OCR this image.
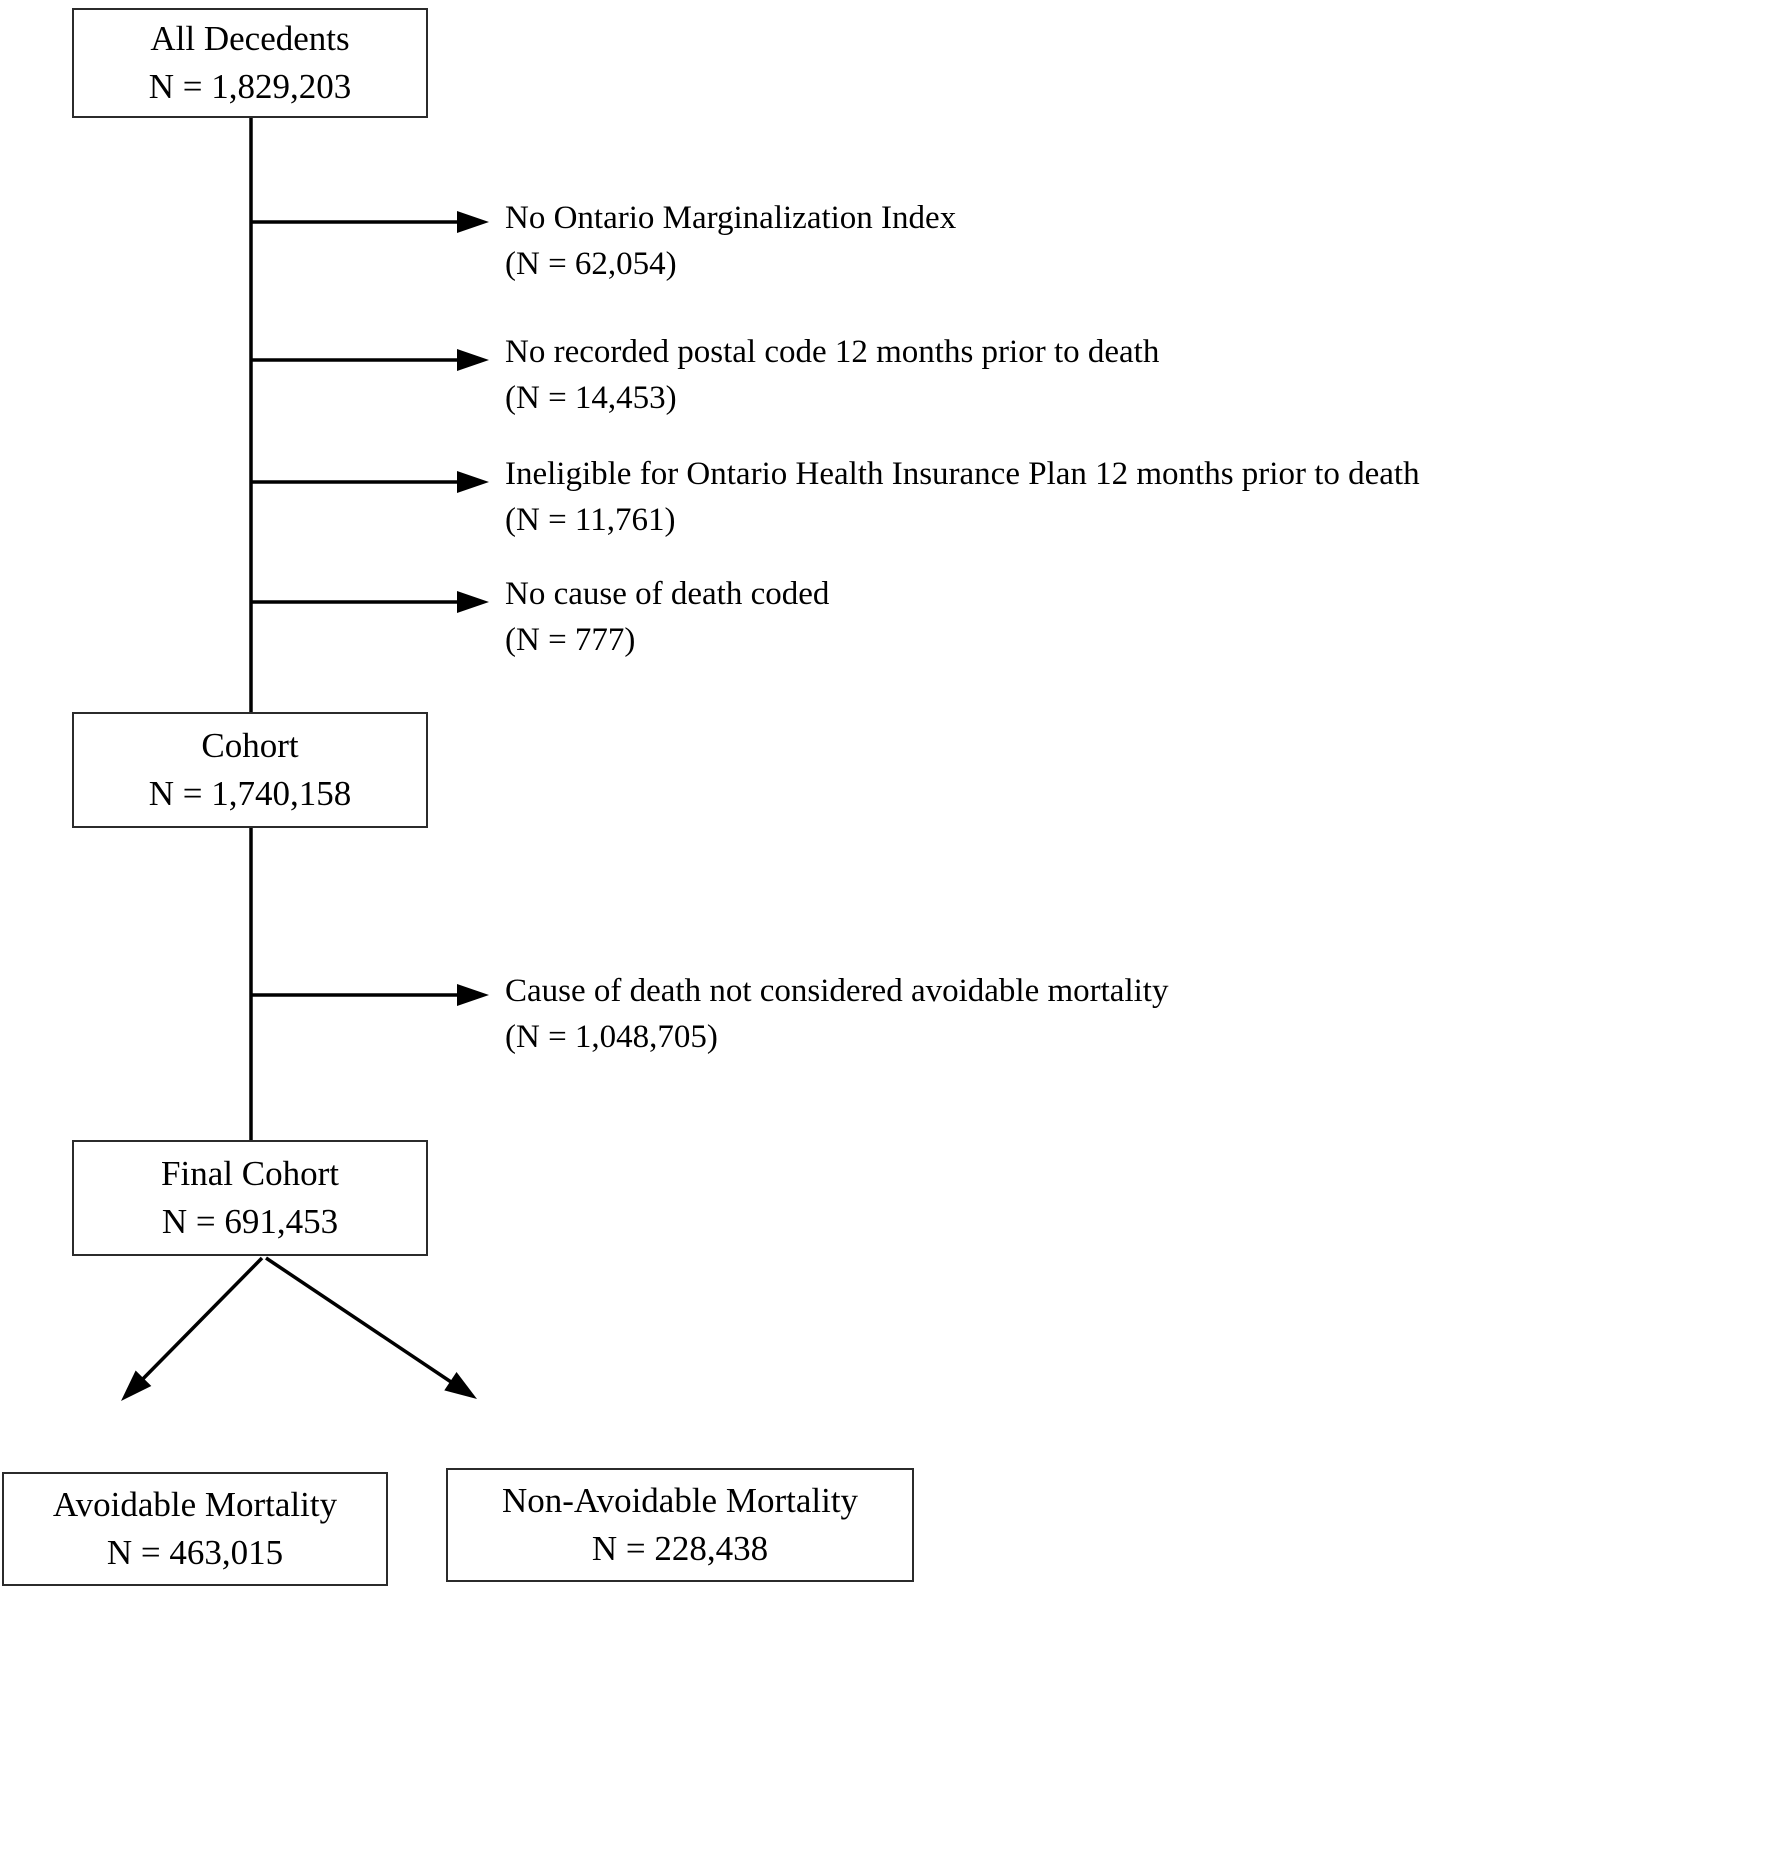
All Decedents
N = 1,829,203
No Ontario Marginalization Index
(N = 62,054)
No recorded postal code 12 months prior to death
(N = 14,453)
Ineligible for Ontario Health Insurance Plan 12 months prior to death
(N = 11,761)
No cause of death coded
(N = 777)
Cohort
N = 1,740,158
Cause of death not considered avoidable mortality
(N = 1,048,705)
Final Cohort
N = 691,453
Avoidable Mortality
N = 463,015
Non-Avoidable Mortality
N = 228,438
